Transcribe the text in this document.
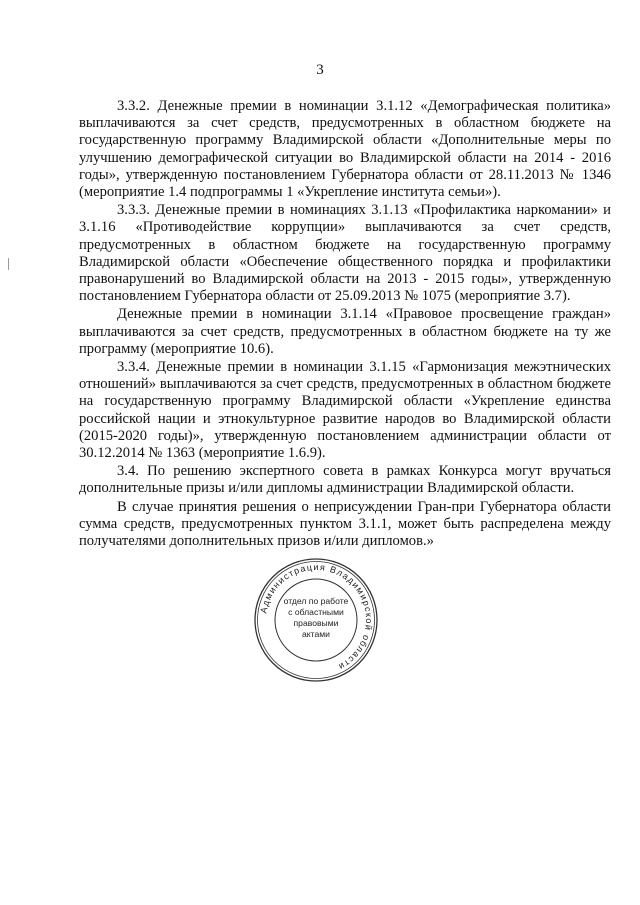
3

3.3.2. Денежные премии в номинации 3.1.12 «Демографическая политика» выплачиваются за счет средств, предусмотренных в областном бюджете на государственную программу Владимирской области «Дополнительные меры по улучшению демографической ситуации во Владимирской области на 2014 - 2016 годы», утвержденную постановлением Губернатора области от 28.11.2013 № 1346 (мероприятие 1.4 подпрограммы 1 «Укрепление института семьи»).

3.3.3. Денежные премии в номинациях 3.1.13 «Профилактика наркомании» и 3.1.16 «Противодействие коррупции» выплачиваются за счет средств, предусмотренных в областном бюджете на государственную программу Владимирской области «Обеспечение общественного порядка и профилактики правонарушений во Владимирской области на 2013 - 2015 годы», утвержденную постановлением Губернатора области от 25.09.2013 № 1075 (мероприятие 3.7).

Денежные премии в номинации 3.1.14 «Правовое просвещение граждан» выплачиваются за счет средств, предусмотренных в областном бюджете на ту же программу (мероприятие 10.6).

3.3.4. Денежные премии в номинации 3.1.15 «Гармонизация межэтнических отношений» выплачиваются за счет средств, предусмотренных в областном бюджете на государственную программу Владимирской области «Укрепление единства российской нации и этнокультурное развитие народов во Владимирской области (2015-2020 годы)», утвержденную постановлением администрации области от 30.12.2014 № 1363 (мероприятие 1.6.9).

3.4. По решению экспертного совета в рамках Конкурса могут вручаться дополнительные призы и/или дипломы администрации Владимирской области.

В случае принятия решения о неприсуждении Гран-при Губернатора области сумма средств, предусмотренных пунктом 3.1.1, может быть распределена между получателями дополнительных призов и/или дипломов.»

Администрация Владимирской области
отдел по работе
с областными
правовыми
актами
